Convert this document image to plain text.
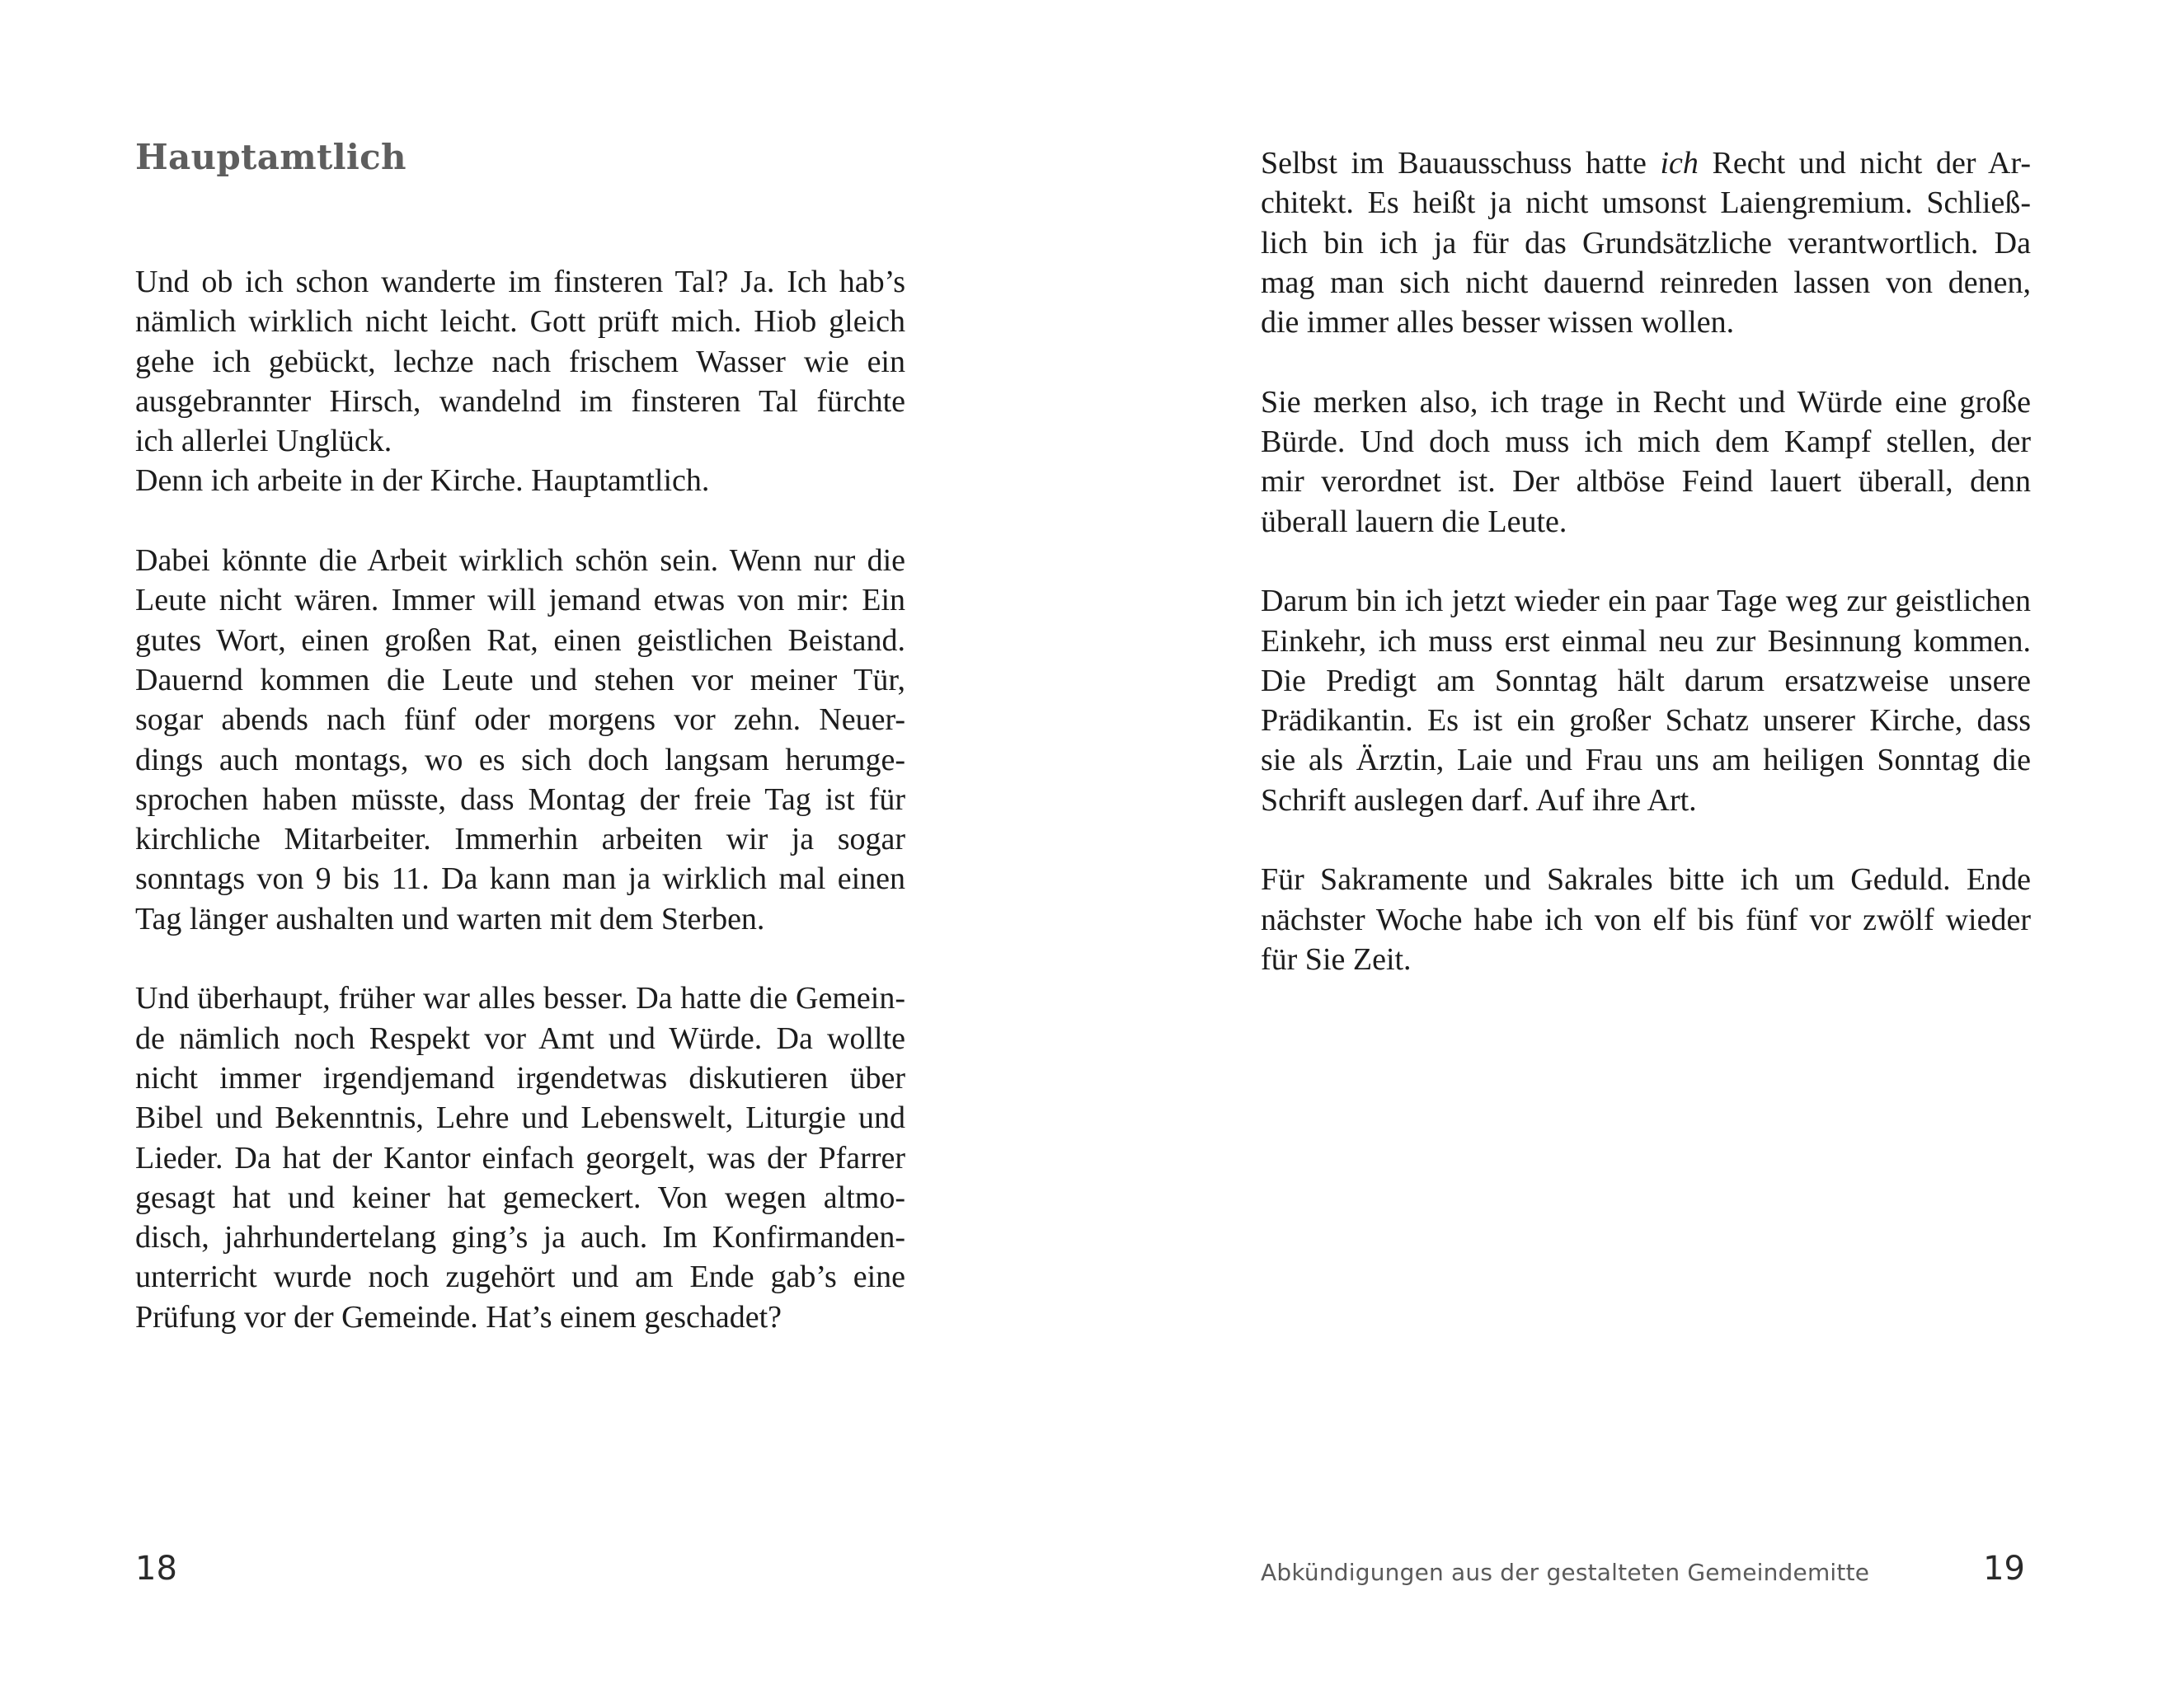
Hauptamtlich

Und ob ich schon wanderte im finsteren Tal? Ja. Ich hab’s
nämlich wirklich nicht leicht. Gott prüft mich. Hiob gleich
gehe ich gebückt, lechze nach frischem Wasser wie ein
ausgebrannter Hirsch, wandelnd im finsteren Tal fürchte
ich allerlei Unglück.
Denn ich arbeite in der Kirche. Hauptamtlich.

Dabei könnte die Arbeit wirklich schön sein. Wenn nur die
Leute nicht wären. Immer will jemand etwas von mir: Ein
gutes Wort, einen großen Rat, einen geistlichen Beistand.
Dauernd kommen die Leute und stehen vor meiner Tür,
sogar abends nach fünf oder morgens vor zehn. Neuer-
dings auch montags, wo es sich doch langsam herumge-
sprochen haben müsste, dass Montag der freie Tag ist für
kirchliche Mitarbeiter. Immerhin arbeiten wir ja sogar
sonntags von 9 bis 11. Da kann man ja wirklich mal einen
Tag länger aushalten und warten mit dem Sterben.

Und überhaupt, früher war alles besser. Da hatte die Gemein-
de nämlich noch Respekt vor Amt und Würde. Da wollte
nicht immer irgendjemand irgendetwas diskutieren über
Bibel und Bekenntnis, Lehre und Lebenswelt, Liturgie und
Lieder. Da hat der Kantor einfach georgelt, was der Pfarrer
gesagt hat und keiner hat gemeckert. Von wegen altmo-
disch, jahrhundertelang ging’s ja auch. Im Konfirmanden-
unterricht wurde noch zugehört und am Ende gab’s eine
Prüfung vor der Gemeinde. Hat’s einem geschadet?

18

Selbst im Bauausschuss hatte ich Recht und nicht der Ar-
chitekt. Es heißt ja nicht umsonst Laiengremium. Schließ-
lich bin ich ja für das Grundsätzliche verantwortlich. Da
mag man sich nicht dauernd reinreden lassen von denen,
die immer alles besser wissen wollen.

Sie merken also, ich trage in Recht und Würde eine große
Bürde. Und doch muss ich mich dem Kampf stellen, der
mir verordnet ist. Der altböse Feind lauert überall, denn
überall lauern die Leute.

Darum bin ich jetzt wieder ein paar Tage weg zur geistlichen
Einkehr, ich muss erst einmal neu zur Besinnung kommen.
Die Predigt am Sonntag hält darum ersatzweise unsere
Prädikantin. Es ist ein großer Schatz unserer Kirche, dass
sie als Ärztin, Laie und Frau uns am heiligen Sonntag die
Schrift auslegen darf. Auf ihre Art.

Für Sakramente und Sakrales bitte ich um Geduld. Ende
nächster Woche habe ich von elf bis fünf vor zwölf wieder
für Sie Zeit.

Abkündigungen aus der gestalteten Gemeindemitte	19
